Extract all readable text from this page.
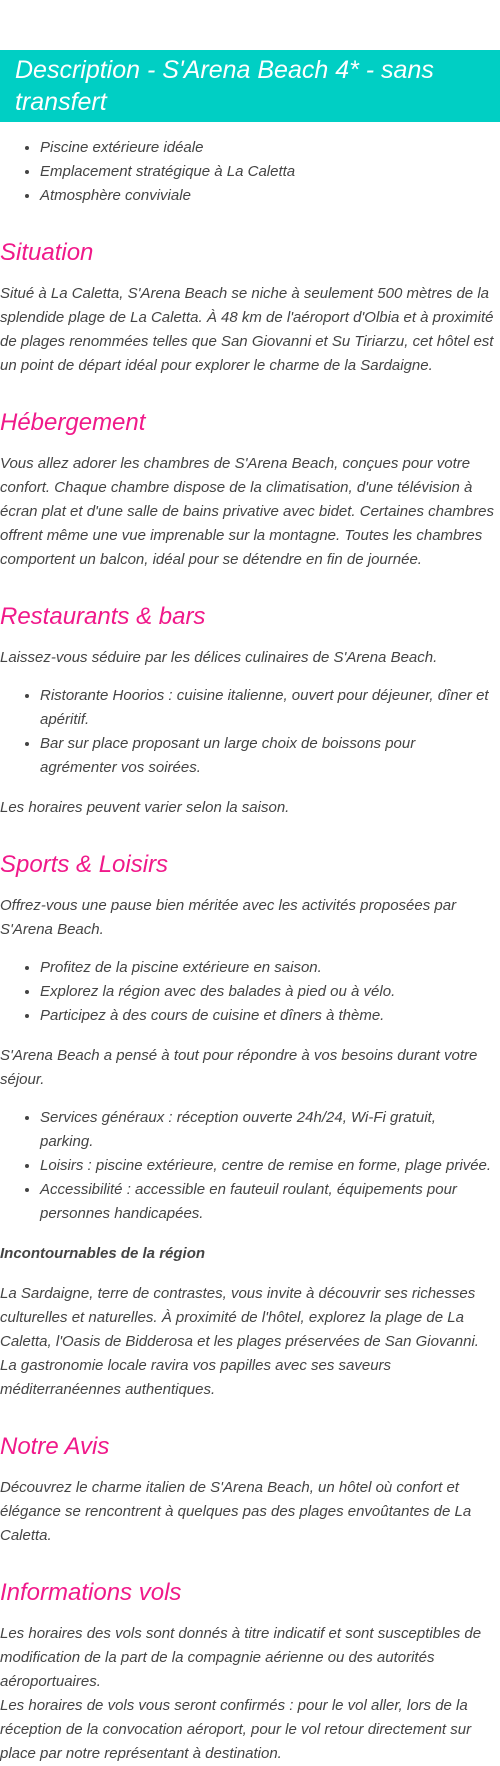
Description - S'Arena Beach 4* - sans transfert
• Piscine extérieure idéale
• Emplacement stratégique à La Caletta
• Atmosphère conviviale
Situation

Situé à La Caletta, S'Arena Beach se niche à seulement 500 mètres de la splendide plage de La Caletta. À 48 km de l'aéroport d'Olbia et à proximité de plages renommées telles que San Giovanni et Su Tiriarzu, cet hôtel est un point de départ idéal pour explorer le charme de la Sardaigne.

Hébergement

Vous allez adorer les chambres de S'Arena Beach, conçues pour votre confort. Chaque chambre dispose de la climatisation, d'une télévision à écran plat et d'une salle de bains privative avec bidet. Certaines chambres offrent même une vue imprenable sur la montagne. Toutes les chambres comportent un balcon, idéal pour se détendre en fin de journée.

Restaurants & bars

Laissez-vous séduire par les délices culinaires de S'Arena Beach.

• Ristorante Hoorios : cuisine italienne, ouvert pour déjeuner, dîner et apéritif.
• Bar sur place proposant un large choix de boissons pour agrémenter vos soirées.

Les horaires peuvent varier selon la saison.

Sports & Loisirs

Offrez-vous une pause bien méritée avec les activités proposées par S'Arena Beach.

• Profitez de la piscine extérieure en saison.
• Explorez la région avec des balades à pied ou à vélo.
• Participez à des cours de cuisine et dîners à thème.

S'Arena Beach a pensé à tout pour répondre à vos besoins durant votre séjour.

• Services généraux : réception ouverte 24h/24, Wi-Fi gratuit, parking.
• Loisirs : piscine extérieure, centre de remise en forme, plage privée.
• Accessibilité : accessible en fauteuil roulant, équipements pour personnes handicapées.

Incontournables de la région

La Sardaigne, terre de contrastes, vous invite à découvrir ses richesses culturelles et naturelles. À proximité de l'hôtel, explorez la plage de La Caletta, l'Oasis de Bidderosa et les plages préservées de San Giovanni. La gastronomie locale ravira vos papilles avec ses saveurs méditerranéennes authentiques.

Notre Avis

Découvrez le charme italien de S'Arena Beach, un hôtel où confort et élégance se rencontrent à quelques pas des plages envoûtantes de La Caletta.

Informations vols

Les horaires des vols sont donnés à titre indicatif et sont susceptibles de modification de la part de la compagnie aérienne ou des autorités aéroportuaires.

Les horaires de vols vous seront confirmés : pour le vol aller, lors de la réception de la convocation aéroport, pour le vol retour directement sur place par notre représentant à destination.
